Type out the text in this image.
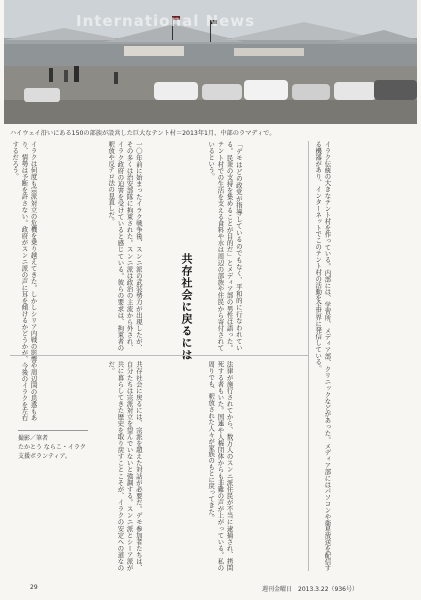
International News
ハイウェイ沿いにある150の部族が設営した巨大なテント村＝2013年1月、中部のラマディで。

イラク伝統の大きなテント村を作っている。内部には、学習所、メディア部、クリニックなどがあった。メディア部にはパソコンや衛星放送を配信する機器があり、インターネットでこのテント村の活動を全世界に発信している。

「デモはどの政党が指導しているのでもなく、平和的に行なわれている。民衆の支持を集めることが目的だ」とメディア部の男性は語った。テント村での生活を支える食料や水は周辺の部族や住民から寄付されているという。

法律が施行されてから、数万人のスンニ派住民が不当に逮捕され、拷問死する者もいた。国連や人権団体からも非難の声が上がっている。私の周りでも、釈放された人々が家族のもとに戻ってきた。

共存社会に戻るには

一〇年前に始まったイラク戦争後、スンニ派の武装勢力が出現したが、その多くは治安部隊に拘束された。スンニ派は政治の主流から外され、イラク政府の迫害を受けていると感じている。彼らの要求は、拘束者の釈放や反テロ法の見直しだ。

共存社会に戻るには、宗派を超えた対話が必要だ。デモ参加者たちは、自分たちは宗派対立を望んでいないと強調する。スンニ派とシーア派が共に暮らしてきた歴史を取り戻すことこそが、イラクの安定への道なのだ。

イラクは何度も宗派対立の危機を乗り越えてきた。しかしシリア内戦の影響や周辺国の思惑もあり、情勢は予断を許さない。政府がスンニ派の声に耳を傾けるかどうかが、今後のイラクを左右するだろう。

撮影／筆者
たかとう ならこ・イラク支援ボランティア。
29	週刊金曜日　2013.3.22（936号）
